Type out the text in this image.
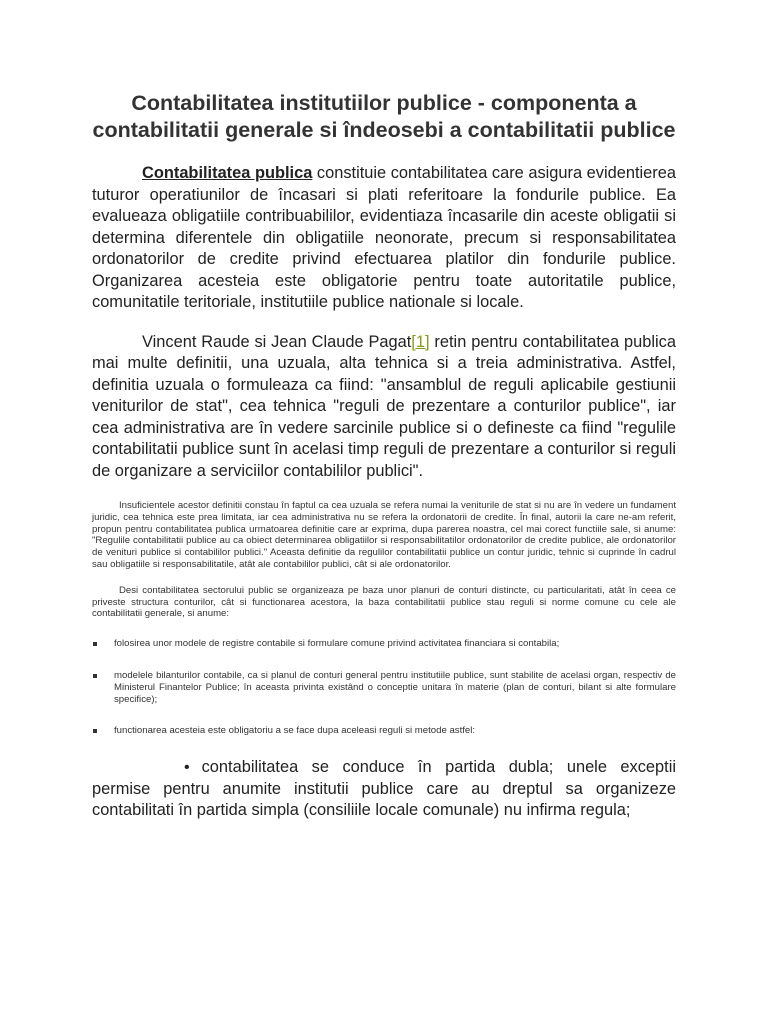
Contabilitatea institutiilor publice - componenta a contabilitatii generale si îndeosebi a contabilitatii publice

Contabilitatea publica constituie contabilitatea care asigura evidentierea tuturor operatiunilor de încasari si plati referitoare la fondurile publice. Ea evalueaza obligatiile contribuabililor, evidentiaza încasarile din aceste obligatii si determina diferentele din obligatiile neonorate, precum si responsabilitatea ordonatorilor de credite privind efectuarea platilor din fondurile publice. Organizarea acesteia este obligatorie pentru toate autoritatile publice, comunitatile teritoriale, institutiile publice nationale si locale.

Vincent Raude si Jean Claude Pagat[1] retin pentru contabilitatea publica mai multe definitii, una uzuala, alta tehnica si a treia administrativa. Astfel, definitia uzuala o formuleaza ca fiind: "ansamblul de reguli aplicabile gestiunii veniturilor de stat", cea tehnica "reguli de prezentare a conturilor publice", iar cea administrativa are în vedere sarcinile publice si o defineste ca fiind "regulile contabilitatii publice sunt în acelasi timp reguli de prezentare a conturilor si reguli de organizare a serviciilor contabililor publici".

Insuficientele acestor definitii constau în faptul ca cea uzuala se refera numai la veniturile de stat si nu are în vedere un fundament juridic, cea tehnica este prea limitata, iar cea administrativa nu se refera la ordonatorii de credite. În final, autorii la care ne-am referit, propun pentru contabilitatea publica urmatoarea definitie care ar exprima, dupa parerea noastra, cel mai corect functiile sale, si anume: "Regulile contabilitatii publice au ca obiect determinarea obligatiilor si responsabilitatilor ordonatorilor de credite publice, ale ordonatorilor de venituri publice si contabililor publici." Aceasta definitie da regulilor contabilitatii publice un contur juridic, tehnic si cuprinde în cadrul sau obligatiile si responsabilitatile, atât ale contabililor publici, cât si ale ordonatorilor.

Desi contabilitatea sectorului public se organizeaza pe baza unor planuri de conturi distincte, cu particularitati, atât în ceea ce priveste structura conturilor, cât si functionarea acestora, la baza contabilitatii publice stau reguli si norme comune cu cele ale contabilitatii generale, si anume:

folosirea unor modele de registre contabile si formulare comune privind activitatea financiara si contabila;
modelele bilanturilor contabile, ca si planul de conturi general pentru institutiile publice, sunt stabilite de acelasi organ, respectiv de Ministerul Finantelor Publice; în aceasta privinta existând o conceptie unitara în materie (plan de conturi, bilant si alte formulare specifice);
functionarea acesteia este obligatoriu a se face dupa aceleasi reguli si metode astfel:
• contabilitatea se conduce în partida dubla; unele exceptii permise pentru anumite institutii publice care au dreptul sa organizeze contabilitati în partida simpla (consiliile locale comunale) nu infirma regula;
